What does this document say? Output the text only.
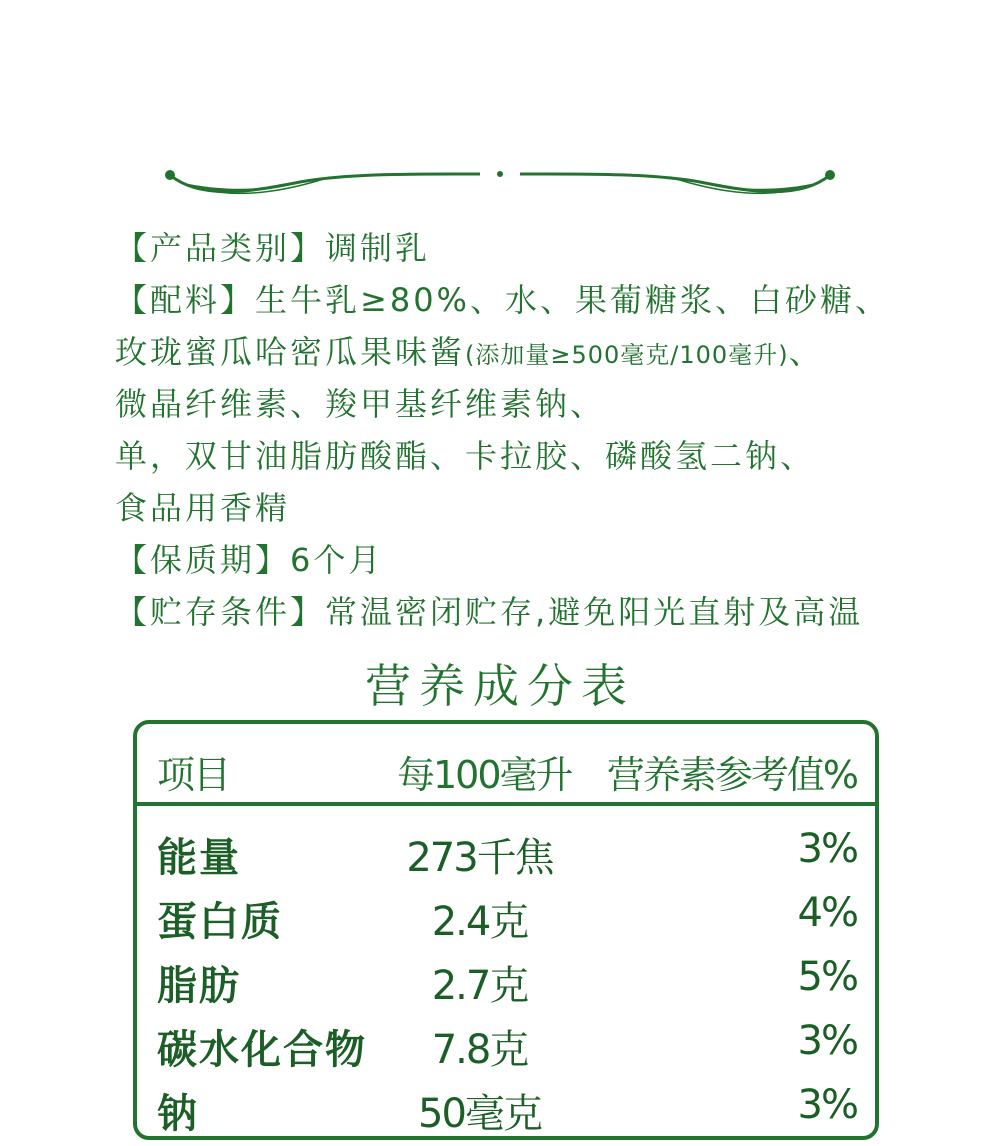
【产品类别】调制乳
【配料】生牛乳≥80%、水、果葡糖浆、白砂糖、
玫珑蜜瓜哈密瓜果味酱(添加量≥500毫克/100毫升)、
微晶纤维素、羧甲基纤维素钠、
单，双甘油脂肪酸酯、卡拉胶、磷酸氢二钠、
食品用香精
【保质期】6个月
【贮存条件】常温密闭贮存,避免阳光直射及高温
营养成分表
项目	每100毫升 营养素参考值%
能量	273千焦	3%
蛋白质	2.4克	4%
脂肪	2.7克	5%
碳水化合物	7.8克	3%
钠	50毫克	3%
